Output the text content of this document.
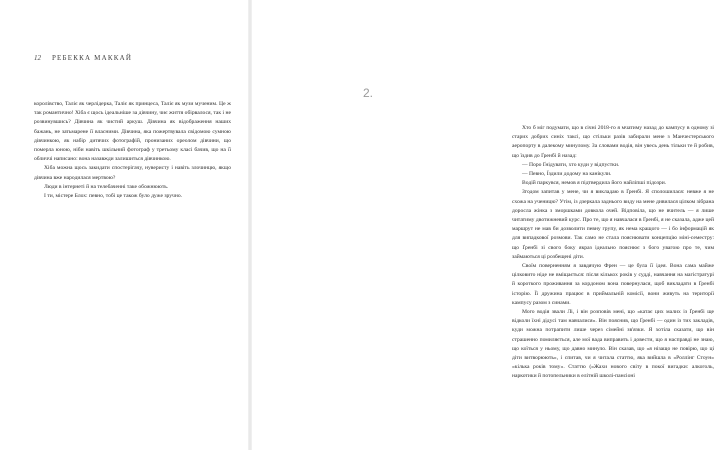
12 РЕБЕККА МАККАЙ

королівство, Таліє як черлідерка, Таліє як принцеса, Таліє як музи мученим. Це ж так романтично! Хіба є щось ідеальніше за дівчину, чиє життя обірвалося, так і не розвинувшись? Дівчина як чистий аркуш. Дівчина як відображення наших бажань, не затьмарене її власними. Дівчина, яка пожертвувала свідомою сумною дівчинкою, як набір дитячих фотографій, пронизаних ореолом дівчини, що померла юною, ніби навіть шкільний фотограф у третьому класі бачив, що на її обличчі написано: вона назавжди залишиться дівчинкою.

Хіба можна щось закидати спостерігачу, нуверисту і навіть злочинцю, якщо дівчина вже народилася мертвою?

Люди в інтернеті й на телебаченні таке обожнюють.

І ти, містере Блох: певно, тобі це також було дуже зручно.

Хто б міг подумати, що в січні 2018-го я мчатиму назад до кампусу в одному зі старих добрих синіх таксі, що стільки разів забирали мене з Манчестерського аеропорту в далекому минулому. За словами водія, він увесь день тільки те й робив, що їздив до Ґренбі й назад:

— Поро Ґнідувати, хто куди у відпустки.

— Певно, Їздили додому на канікули.

Водій паркувся, немов я підтвердила його найліпші підозри.

Згодом запитав у мене, чи я викладаю в Ґренбі. Я сполошилася: невже я не схожа на ученицю? Утім, із дзеркала заднього виду на мене дивилася цілком зібрана доросла жінка з зморшками довкола очей. Відповіла, що не вчитель — я лише читатиму двотижневий курс. Про те, що я навчалася в Ґренбі, я не сказала, адже цей маршрут не мав би дозволити певну групу, як нема кращого — і бо інформацій як для випадкової розмови. Так само не стала пояснювати концепцію міні-семестру: що Ґренбі зі свого боку якраз ідеально пояснює з бого увагою про те, чим займаються ці розбещені діти.

Своїм поверненням я завдячую Френ — це була її ідея. Вона сама майже цілковито ніде не вміщається: після кількох років у судді, навчання на магістратурі й короткого проживання за кордоном вона повернулася, щоб викладати в Ґренбі історію. Її дружина працює в приймальній комісії, вони живуть на території кампусу разом з синами.

Мого водія звали Лі, і він розповів мені, що «катає цих малих із Ґренбі ще відколи їхні дідусі там навчалися». Він пояснив, що Ґренбі — один із тих закладів, куди можна потрапити лише через сімейні зв'язки. Я хотіла сказати, що він страшенно помиляється, але мої вада виправить і довести, що я насправді не знаю, що коїться у ньому, що давно минуло. Він сказав, що «я нізащо не повірю, що ці діти витворюють», і спитав, чи я читала статтю, яка вийшла в «Роллінг Стоун» «кілька років тому». Статтю («Жахи нового світу в покої вигадки: алкоголь, наркотики й потопельники в елітній школі-пансіоні

2.
